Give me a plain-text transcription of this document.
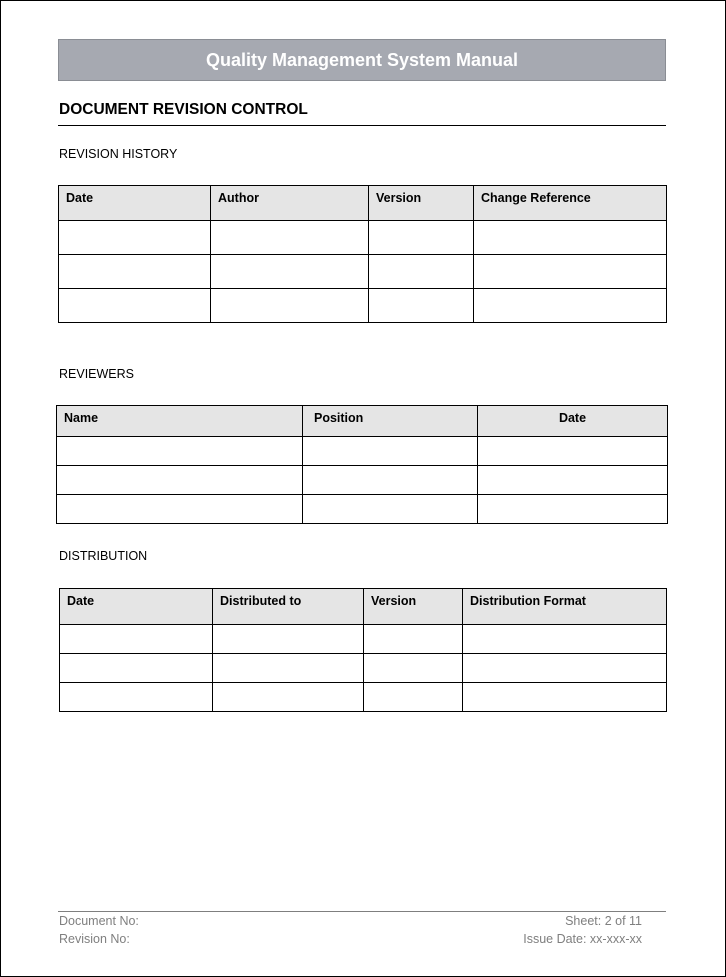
Quality Management System Manual
DOCUMENT REVISION CONTROL
REVISION HISTORY
Date	Author	Version	Change Reference

REVIEWERS
Name	Position	Date

DISTRIBUTION
Date	Distributed to	Version	Distribution Format

Document No:
Revision No:
Sheet: 2 of 11
Issue Date: xx-xxx-xx
